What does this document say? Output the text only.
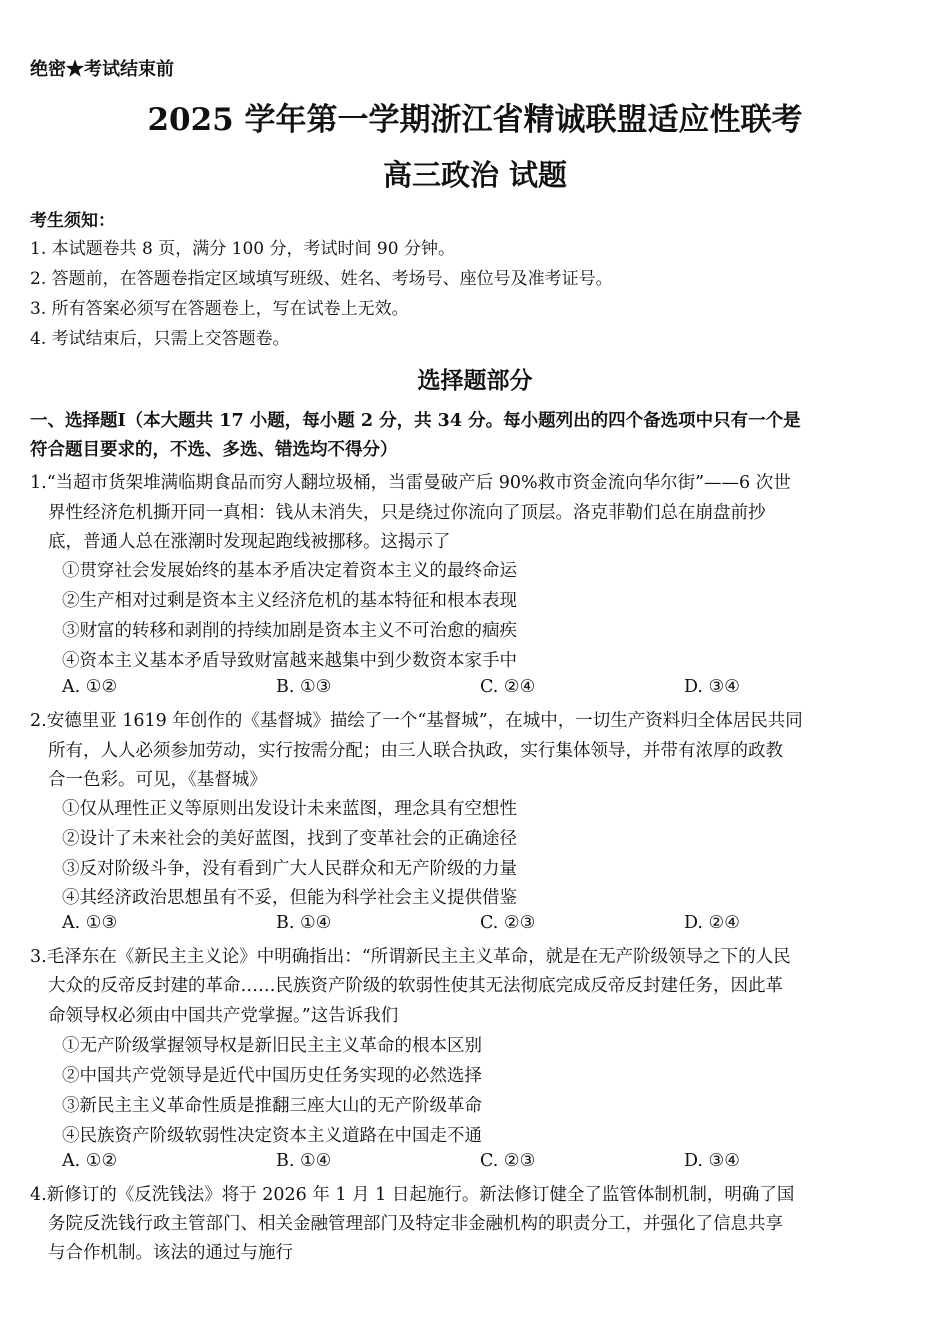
绝密★考试结束前
2025 学年第一学期浙江省精诚联盟适应性联考
高三政治 试题
考生须知：
1. 本试题卷共 8 页，满分 100 分，考试时间 90 分钟。
2. 答题前，在答题卷指定区域填写班级、姓名、考场号、座位号及准考证号。
3. 所有答案必须写在答题卷上，写在试卷上无效。
4. 考试结束后，只需上交答题卷。
选择题部分
一、选择题Ⅰ（本大题共 17 小题，每小题 2 分，共 34 分。每小题列出的四个备选项中只有一个是
符合题目要求的，不选、多选、错选均不得分）
1.“当超市货架堆满临期食品而穷人翻垃圾桶，当雷曼破产后 90%救市资金流向华尔街”——6 次世
界性经济危机撕开同一真相：钱从未消失，只是绕过你流向了顶层。洛克菲勒们总在崩盘前抄
底，普通人总在涨潮时发现起跑线被挪移。这揭示了
①贯穿社会发展始终的基本矛盾决定着资本主义的最终命运
②生产相对过剩是资本主义经济危机的基本特征和根本表现
③财富的转移和剥削的持续加剧是资本主义不可治愈的痼疾
④资本主义基本矛盾导致财富越来越集中到少数资本家手中
A. ①②	B. ①③	C. ②④	D. ③④
2.安德里亚 1619 年创作的《基督城》描绘了一个“基督城”，在城中，一切生产资料归全体居民共同
所有，人人必须参加劳动，实行按需分配；由三人联合执政，实行集体领导，并带有浓厚的政教
合一色彩。可见，《基督城》
①仅从理性正义等原则出发设计未来蓝图，理念具有空想性
②设计了未来社会的美好蓝图，找到了变革社会的正确途径
③反对阶级斗争，没有看到广大人民群众和无产阶级的力量
④其经济政治思想虽有不妥，但能为科学社会主义提供借鉴
A. ①③	B. ①④	C. ②③	D. ②④
3.毛泽东在《新民主主义论》中明确指出：“所谓新民主主义革命，就是在无产阶级领导之下的人民
大众的反帝反封建的革命……民族资产阶级的软弱性使其无法彻底完成反帝反封建任务，因此革
命领导权必须由中国共产党掌握。”这告诉我们
①无产阶级掌握领导权是新旧民主主义革命的根本区别
②中国共产党领导是近代中国历史任务实现的必然选择
③新民主主义革命性质是推翻三座大山的无产阶级革命
④民族资产阶级软弱性决定资本主义道路在中国走不通
A. ①②	B. ①④	C. ②③	D. ③④
4.新修订的《反洗钱法》将于 2026 年 1 月 1 日起施行。新法修订健全了监管体制机制，明确了国
务院反洗钱行政主管部门、相关金融管理部门及特定非金融机构的职责分工，并强化了信息共享
与合作机制。该法的通过与施行
